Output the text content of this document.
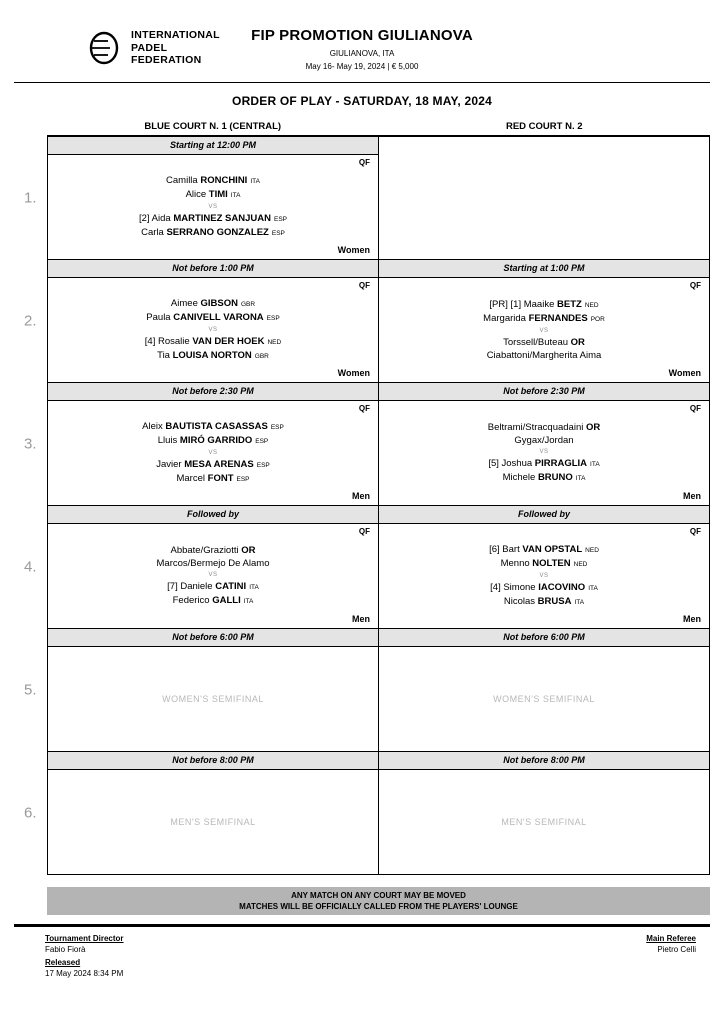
INTERNATIONAL
PADEL
FEDERATION
FIP PROMOTION GIULIANOVA
GIULIANOVA, ITA
May 16- May 19, 2024 | € 5,000
ORDER OF PLAY - SATURDAY, 18 MAY, 2024
BLUE COURT N. 1 (CENTRAL)	RED COURT N. 2
1.
Starting at 12:00 PM
QF
Camilla RONCHINI ITA
Alice TIMI ITA
VS
[2] Aida MARTINEZ SANJUAN ESP
Carla SERRANO GONZALEZ ESP
Women
2.
Not before 1:00 PM
QF
Aimee GIBSON GBR
Paula CANIVELL VARONA ESP
VS
[4] Rosalie VAN DER HOEK NED
Tia LOUISA NORTON GBR
Women
Starting at 1:00 PM
QF
[PR] [1] Maaike BETZ NED
Margarida FERNANDES POR
VS
Torssell/Buteau OR
Ciabattoni/Margherita Aima
Women
3.
Not before 2:30 PM
QF
Aleix BAUTISTA CASASSAS ESP
Lluis MIRÓ GARRIDO ESP
VS
Javier MESA ARENAS ESP
Marcel FONT ESP
Men
Not before 2:30 PM
QF
Beltrami/Stracquadaini OR
Gygax/Jordan
VS
[5] Joshua PIRRAGLIA ITA
Michele BRUNO ITA
Men
4.
Followed by
QF
Abbate/Graziotti OR
Marcos/Bermejo De Alamo
VS
[7] Daniele CATINI ITA
Federico GALLI ITA
Men
Followed by
QF
[6] Bart VAN OPSTAL NED
Menno NOLTEN NED
VS
[4] Simone IACOVINO ITA
Nicolas BRUSA ITA
Men
5.
Not before 6:00 PM
WOMEN'S SEMIFINAL
Not before 6:00 PM
WOMEN'S SEMIFINAL
6.
Not before 8:00 PM
MEN'S SEMIFINAL
Not before 8:00 PM
MEN'S SEMIFINAL
ANY MATCH ON ANY COURT MAY BE MOVED
MATCHES WILL BE OFFICIALLY CALLED FROM THE PLAYERS' LOUNGE
Tournament Director
Fabio Fiorà
Released
17 May 2024 8:34 PM
Main Referee
Pietro Celli
